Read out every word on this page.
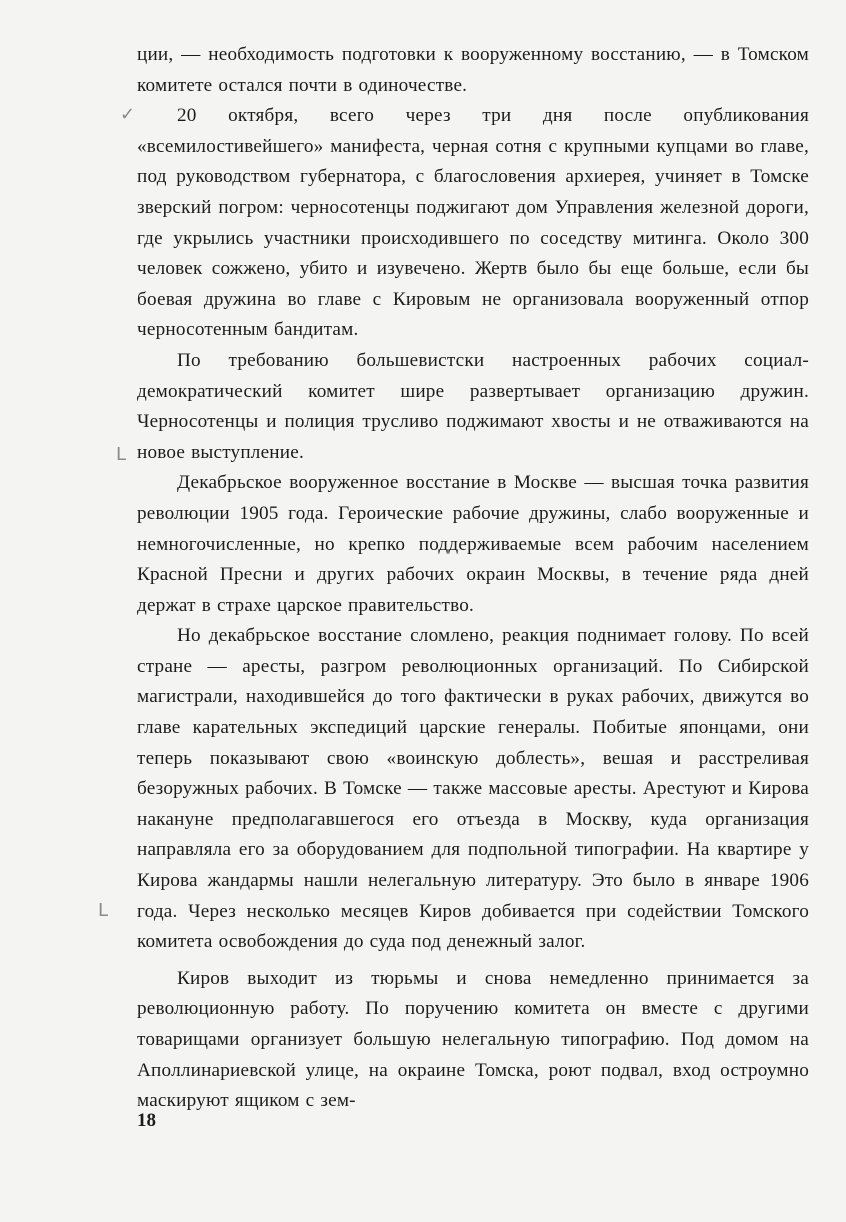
ции, — необходимость подготовки к вооруженному восстанию, — в Томском комитете остался почти в одиночестве.

20 октября, всего через три дня после опубликования «всемилостивейшего» манифеста, черная сотня с крупными купцами во главе, под руководством губернатора, с благословения архиерея, учиняет в Томске зверский погром: черносотенцы поджигают дом Управления железной дороги, где укрылись участники происходившего по соседству митинга. Около 300 человек сожжено, убито и изувечено. Жертв было бы еще больше, если бы боевая дружина во главе с Кировым не организовала вооруженный отпор черносотенным бандитам.

По требованию большевистски настроенных рабочих социал-демократический комитет шире развертывает организацию дружин. Черносотенцы и полиция трусливо поджимают хвосты и не отваживаются на новое выступление.

Декабрьское вооруженное восстание в Москве — высшая точка развития революции 1905 года. Героические рабочие дружины, слабо вооруженные и немногочисленные, но крепко поддерживаемые всем рабочим населением Красной Пресни и других рабочих окраин Москвы, в течение ряда дней держат в страхе царское правительство.

Но декабрьское восстание сломлено, реакция поднимает голову. По всей стране — аресты, разгром революционных организаций. По Сибирской магистрали, находившейся до того фактически в руках рабочих, движутся во главе карательных экспедиций царские генералы. Побитые японцами, они теперь показывают свою «воинскую доблесть», вешая и расстреливая безоружных рабочих. В Томске — также массовые аресты. Арестуют и Кирова накануне предполагавшегося его отъезда в Москву, куда организация направляла его за оборудованием для подпольной типографии. На квартире у Кирова жандармы нашли нелегальную литературу. Это было в январе 1906 года. Через несколько месяцев Киров добивается при содействии Томского комитета освобождения до суда под денежный залог.

Киров выходит из тюрьмы и снова немедленно принимается за революционную работу. По поручению комитета он вместе с другими товарищами организует большую нелегальную типографию. Под домом на Аполлинариевской улице, на окраине Томска, роют подвал, вход остроумно маскируют ящиком с зем-

✓
ᒪ
ᒪ
18
